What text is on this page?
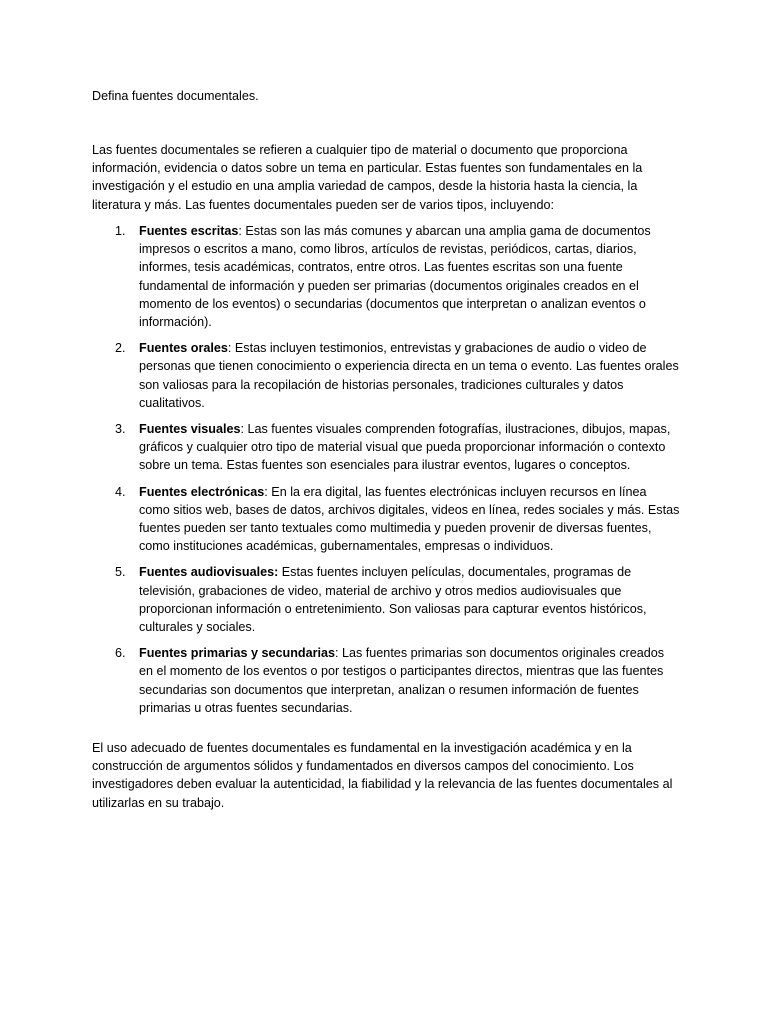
Defina fuentes documentales.

Las fuentes documentales se refieren a cualquier tipo de material o documento que proporciona información, evidencia o datos sobre un tema en particular. Estas fuentes son fundamentales en la investigación y el estudio en una amplia variedad de campos, desde la historia hasta la ciencia, la literatura y más. Las fuentes documentales pueden ser de varios tipos, incluyendo:

1. Fuentes escritas: Estas son las más comunes y abarcan una amplia gama de documentos impresos o escritos a mano, como libros, artículos de revistas, periódicos, cartas, diarios, informes, tesis académicas, contratos, entre otros. Las fuentes escritas son una fuente fundamental de información y pueden ser primarias (documentos originales creados en el momento de los eventos) o secundarias (documentos que interpretan o analizan eventos o información).
2. Fuentes orales: Estas incluyen testimonios, entrevistas y grabaciones de audio o video de personas que tienen conocimiento o experiencia directa en un tema o evento. Las fuentes orales son valiosas para la recopilación de historias personales, tradiciones culturales y datos cualitativos.
3. Fuentes visuales: Las fuentes visuales comprenden fotografías, ilustraciones, dibujos, mapas, gráficos y cualquier otro tipo de material visual que pueda proporcionar información o contexto sobre un tema. Estas fuentes son esenciales para ilustrar eventos, lugares o conceptos.
4. Fuentes electrónicas: En la era digital, las fuentes electrónicas incluyen recursos en línea como sitios web, bases de datos, archivos digitales, videos en línea, redes sociales y más. Estas fuentes pueden ser tanto textuales como multimedia y pueden provenir de diversas fuentes, como instituciones académicas, gubernamentales, empresas o individuos.
5. Fuentes audiovisuales: Estas fuentes incluyen películas, documentales, programas de televisión, grabaciones de video, material de archivo y otros medios audiovisuales que proporcionan información o entretenimiento. Son valiosas para capturar eventos históricos, culturales y sociales.
6. Fuentes primarias y secundarias: Las fuentes primarias son documentos originales creados en el momento de los eventos o por testigos o participantes directos, mientras que las fuentes secundarias son documentos que interpretan, analizan o resumen información de fuentes primarias u otras fuentes secundarias.

El uso adecuado de fuentes documentales es fundamental en la investigación académica y en la construcción de argumentos sólidos y fundamentados en diversos campos del conocimiento. Los investigadores deben evaluar la autenticidad, la fiabilidad y la relevancia de las fuentes documentales al utilizarlas en su trabajo.
